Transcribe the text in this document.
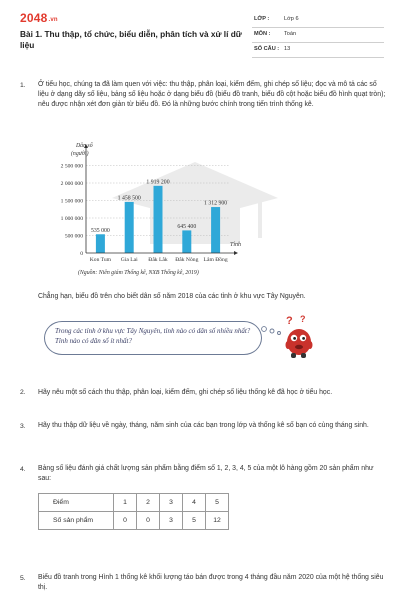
2048.vn
Bài 1. Thu thập, tổ chức, biểu diễn, phân tích và xử lí dữ liệu
LỚP :	Lớp 6
MÔN : Toán
SỐ CÂU : 13
1. Ở tiểu học, chúng ta đã làm quen với việc: thu thập, phân loại, kiểm đếm, ghi chép số liệu; đọc và mô tả các số liệu ở dạng dãy số liệu, bảng số liệu hoặc ở dạng biểu đồ (biểu đồ tranh, biểu đồ cột hoặc biểu đồ hình quạt tròn); nêu được nhận xét đơn giản từ biểu đồ. Đó là những bước chính trong tiến trình thống kê.
0
500 000
1 000 000
1 500 000
2 000 000
2 500 000
535 000
Kon Tum
1 458 500
Gia Lai
1 919 200
Đắk Lắk
645 400
Đắk Nông
1 312 900
Lâm Đồng
Dân số
(người)
Tỉnh
(Nguồn: Niên giám Thống kê, NXB Thống kê, 2019)
Chẳng hạn, biểu đồ trên cho biết dân số năm 2018 của các tỉnh ở khu vực Tây Nguyên.
Trong các tỉnh ở khu vực Tây Nguyên, tỉnh nào có dân số nhiều nhất? Tỉnh nào có dân số ít nhất?
? ?
2. Hãy nêu một số cách thu thập, phân loại, kiểm đếm, ghi chép số liệu thống kê đã học ở tiểu học.
3. Hãy thu thập dữ liệu về ngày, tháng, năm sinh của các bạn trong lớp và thống kê số bạn có cùng tháng sinh.
4. Bảng số liệu đánh giá chất lượng sản phẩm bằng điểm số 1, 2, 3, 4, 5 của một lô hàng gồm 20 sản phẩm như sau:
Điểm	1	2	3	4	5
Số sản phẩm	0	0	3	5	12
5. Biểu đồ tranh trong Hình 1 thống kê khối lượng táo bán được trong 4 tháng đầu năm 2020 của một hệ thống siêu thị.
